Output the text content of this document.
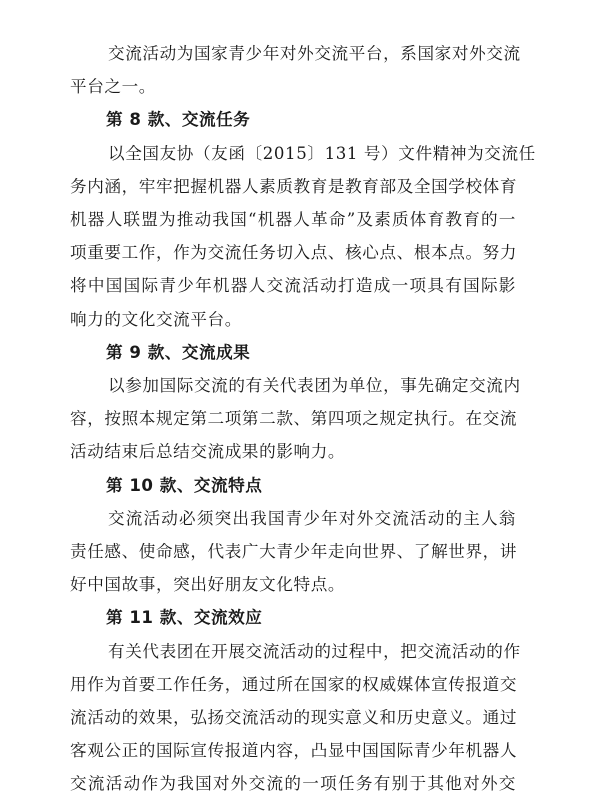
交流活动为国家青少年对外交流平台，系国家对外交流
平台之一。
第 8 款、交流任务
以全国友协（友函〔2015〕131 号）文件精神为交流任
务内涵，牢牢把握机器人素质教育是教育部及全国学校体育
机器人联盟为推动我国“机器人革命”及素质体育教育的一
项重要工作，作为交流任务切入点、核心点、根本点。努力
将中国国际青少年机器人交流活动打造成一项具有国际影
响力的文化交流平台。
第 9 款、交流成果
以参加国际交流的有关代表团为单位，事先确定交流内
容，按照本规定第二项第二款、第四项之规定执行。在交流
活动结束后总结交流成果的影响力。
第 10 款、交流特点
交流活动必须突出我国青少年对外交流活动的主人翁
责任感、使命感，代表广大青少年走向世界、了解世界，讲
好中国故事，突出好朋友文化特点。
第 11 款、交流效应
有关代表团在开展交流活动的过程中，把交流活动的作
用作为首要工作任务，通过所在国家的权威媒体宣传报道交
流活动的效果，弘扬交流活动的现实意义和历史意义。通过
客观公正的国际宣传报道内容，凸显中国国际青少年机器人
交流活动作为我国对外交流的一项任务有别于其他对外交
